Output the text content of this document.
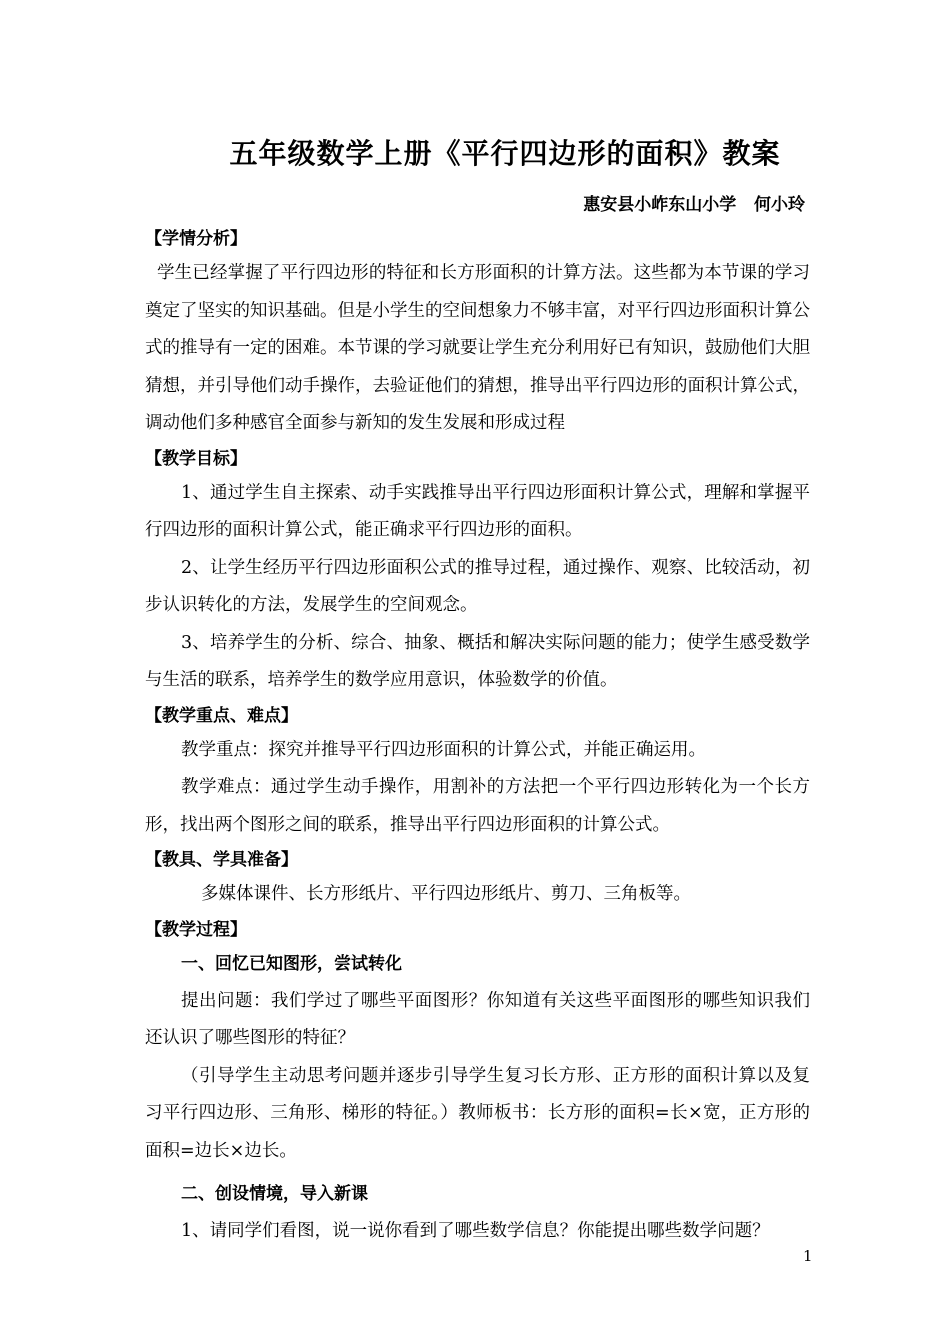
五年级数学上册《平行四边形的面积》教案
惠安县小岞东山小学   何小玲

【学情分析】

学生已经掌握了平行四边形的特征和长方形面积的计算方法。这些都为本节课的学习奠定了坚实的知识基础。但是小学生的空间想象力不够丰富，对平行四边形面积计算公式的推导有一定的困难。本节课的学习就要让学生充分利用好已有知识，鼓励他们大胆猜想，并引导他们动手操作，去验证他们的猜想，推导出平行四边形的面积计算公式，调动他们多种感官全面参与新知的发生发展和形成过程

【教学目标】

1、通过学生自主探索、动手实践推导出平行四边形面积计算公式，理解和掌握平行四边形的面积计算公式，能正确求平行四边形的面积。

2、让学生经历平行四边形面积公式的推导过程，通过操作、观察、比较活动，初步认识转化的方法，发展学生的空间观念。

3、培养学生的分析、综合、抽象、概括和解决实际问题的能力；使学生感受数学与生活的联系，培养学生的数学应用意识，体验数学的价值。

【教学重点、难点】

教学重点：探究并推导平行四边形面积的计算公式，并能正确运用。

教学难点：通过学生动手操作，用割补的方法把一个平行四边形转化为一个长方形，找出两个图形之间的联系，推导出平行四边形面积的计算公式。

【教具、学具准备】

多媒体课件、长方形纸片、平行四边形纸片、剪刀、三角板等。

【教学过程】

一、回忆已知图形，尝试转化

提出问题：我们学过了哪些平面图形？你知道有关这些平面图形的哪些知识我们还认识了哪些图形的特征？

（引导学生主动思考问题并逐步引导学生复习长方形、正方形的面积计算以及复习平行四边形、三角形、梯形的特征。）教师板书：长方形的面积=长×宽，正方形的面积=边长×边长。

二、创设情境，导入新课

1、请同学们看图，说一说你看到了哪些数学信息？你能提出哪些数学问题？

1
